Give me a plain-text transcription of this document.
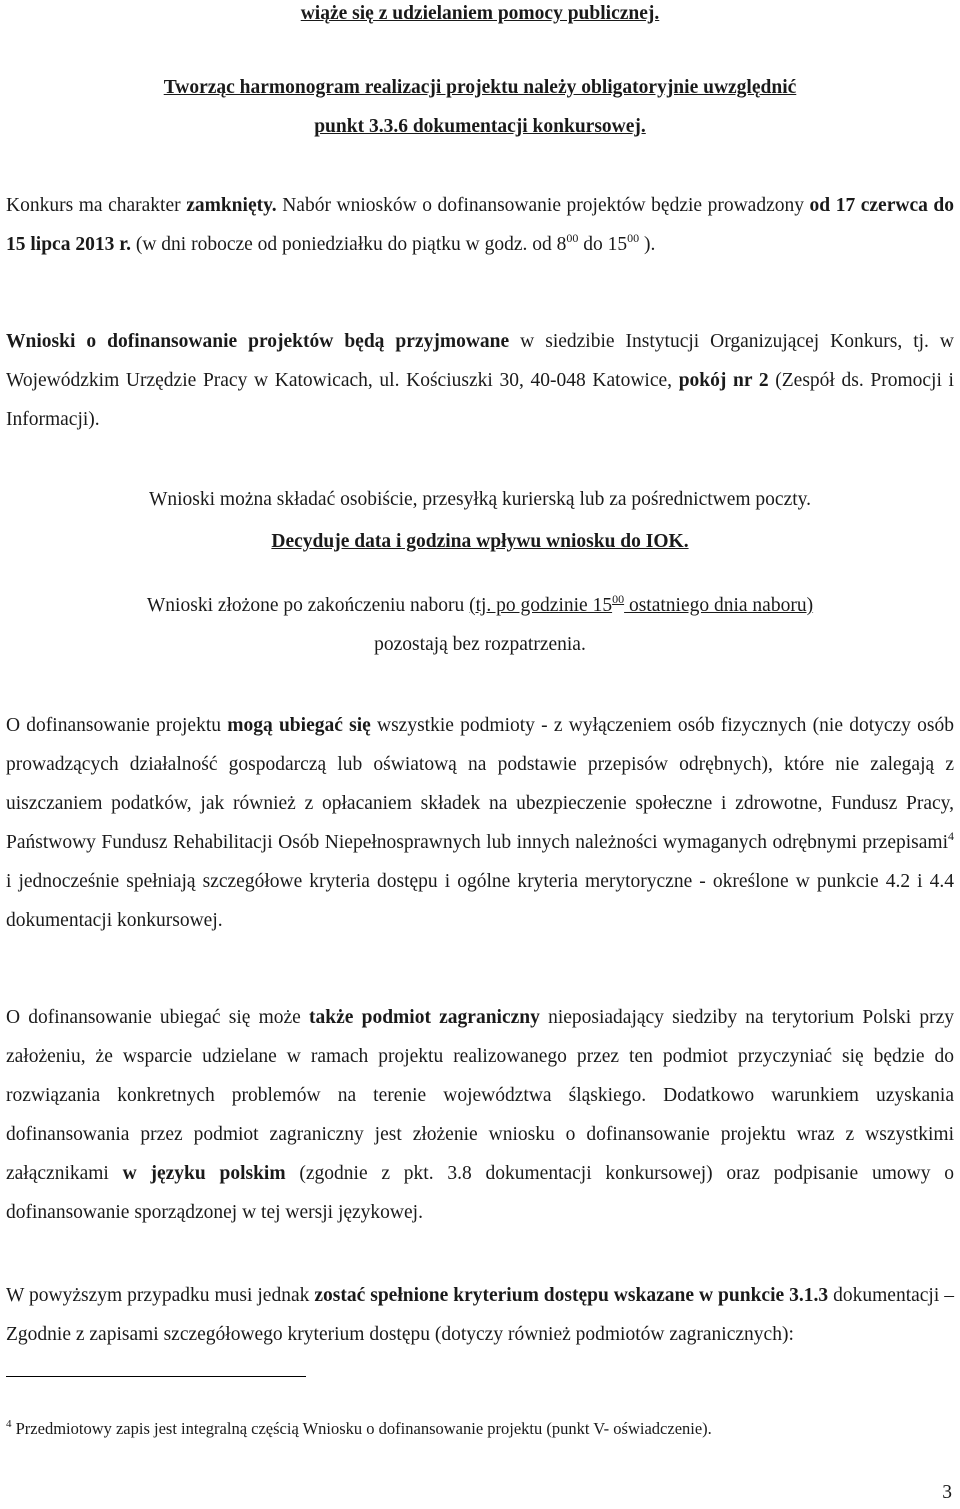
wiąże się z udzielaniem pomocy publicznej.

Tworząc harmonogram realizacji projektu należy obligatoryjnie uwzględnić
punkt 3.3.6 dokumentacji konkursowej.

Konkurs ma charakter zamknięty. Nabór wniosków o dofinansowanie projektów będzie prowadzony od 17 czerwca do 15 lipca 2013 r. (w dni robocze od poniedziałku do piątku w godz. od $8^{00}$ do $15^{00}$ ).

Wnioski o dofinansowanie projektów będą przyjmowane w siedzibie Instytucji Organizującej Konkurs, tj. w Wojewódzkim Urzędzie Pracy w Katowicach, ul. Kościuszki 30, 40-048 Katowice, pokój nr 2 (Zespół ds. Promocji i Informacji).

Wnioski można składać osobiście, przesyłką kurierską lub za pośrednictwem poczty.

Decyduje data i godzina wpływu wniosku do IOK.

Wnioski złożone po zakończeniu naboru (tj. po godzinie $15^{00}$ ostatniego dnia naboru)
pozostają bez rozpatrzenia.

O dofinansowanie projektu mogą ubiegać się wszystkie podmioty - z wyłączeniem osób fizycznych (nie dotyczy osób prowadzących działalność gospodarczą lub oświatową na podstawie przepisów odrębnych), które nie zalegają z uiszczaniem podatków, jak również z opłacaniem składek na ubezpieczenie społeczne i zdrowotne, Fundusz Pracy, Państwowy Fundusz Rehabilitacji Osób Niepełnosprawnych lub innych należności wymaganych odrębnymi przepisami$^4$ i jednocześnie spełniają szczegółowe kryteria dostępu i ogólne kryteria merytoryczne - określone w punkcie 4.2 i 4.4 dokumentacji konkursowej.

O dofinansowanie ubiegać się może także podmiot zagraniczny nieposiadający siedziby na terytorium Polski przy założeniu, że wsparcie udzielane w ramach projektu realizowanego przez ten podmiot przyczyniać się będzie do rozwiązania konkretnych problemów na terenie województwa śląskiego. Dodatkowo warunkiem uzyskania dofinansowania przez podmiot zagraniczny jest złożenie wniosku o dofinansowanie projektu wraz z wszystkimi załącznikami w języku polskim (zgodnie z pkt. 3.8 dokumentacji konkursowej) oraz podpisanie umowy o dofinansowanie sporządzonej w tej wersji językowej.

W powyższym przypadku musi jednak zostać spełnione kryterium dostępu wskazane w punkcie 3.1.3 dokumentacji – Zgodnie z zapisami szczegółowego kryterium dostępu (dotyczy również podmiotów zagranicznych):

$^4$ Przedmiotowy zapis jest integralną częścią Wniosku o dofinansowanie projektu (punkt V- oświadczenie).

3
